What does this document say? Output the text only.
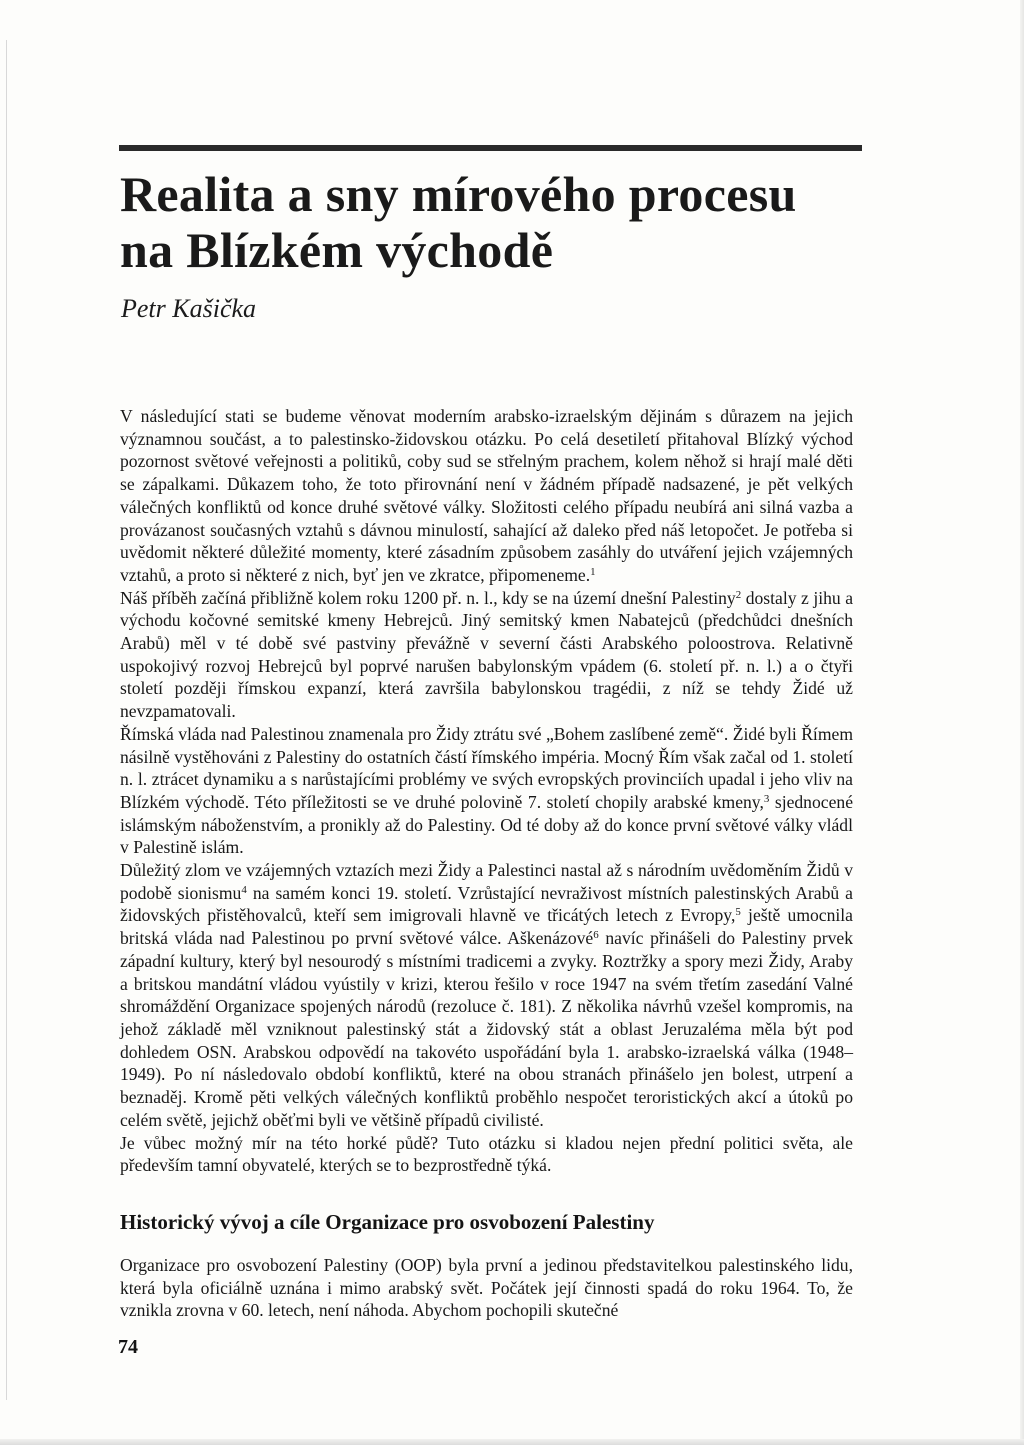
Realita a sny mírového procesu
na Blízkém východě

Petr Kašička

V následující stati se budeme věnovat moderním arabsko-izraelským dějinám s důrazem na jejich významnou součást, a to palestinsko-židovskou otázku. Po celá desetiletí přitahoval Blízký východ pozornost světové veřejnosti a politiků, coby sud se střelným prachem, kolem něhož si hrají malé děti se zápalkami. Důkazem toho, že toto přirovnání není v žádném případě nadsazené, je pět velkých válečných konfliktů od konce druhé světové války. Složitosti celého případu neubírá ani silná vazba a provázanost současných vztahů s dávnou minulostí, sahající až daleko před náš letopočet. Je potřeba si uvědomit některé důležité momenty, které zásadním způsobem zasáhly do utváření jejich vzájemných vztahů, a proto si některé z nich, byť jen ve zkratce, připomeneme.$^1$

Náš příběh začíná přibližně kolem roku 1200 př. n. l., kdy se na území dnešní Palestiny$^2$ dostaly z jihu a východu kočovné semitské kmeny Hebrejců. Jiný semitský kmen Nabatejců (předchůdci dnešních Arabů) měl v té době své pastviny převážně v severní části Arabského poloostrova. Relativně uspokojivý rozvoj Hebrejců byl poprvé narušen babylonským vpádem (6. století př. n. l.) a o čtyři století později římskou expanzí, která završila babylonskou tragédii, z níž se tehdy Židé už nevzpamatovali.

Římská vláda nad Palestinou znamenala pro Židy ztrátu své „Bohem zaslíbené země“. Židé byli Římem násilně vystěhováni z Palestiny do ostatních částí římského impéria. Mocný Řím však začal od 1. století n. l. ztrácet dynamiku a s narůstajícími problémy ve svých evropských provinciích upadal i jeho vliv na Blízkém východě. Této příležitosti se ve druhé polovině 7. století chopily arabské kmeny,$^3$ sjednocené islámským náboženstvím, a pronikly až do Palestiny. Od té doby až do konce první světové války vládl v Palestině islám.

Důležitý zlom ve vzájemných vztazích mezi Židy a Palestinci nastal až s národním uvědoměním Židů v podobě sionismu$^4$ na samém konci 19. století. Vzrůstající nevraživost místních palestinských Arabů a židovských přistěhovalců, kteří sem imigrovali hlavně ve třicátých letech z Evropy,$^5$ ještě umocnila britská vláda nad Palestinou po první světové válce. Aškenázové$^6$ navíc přinášeli do Palestiny prvek západní kultury, který byl nesourodý s místními tradicemi a zvyky. Roztržky a spory mezi Židy, Araby a britskou mandátní vládou vyústily v krizi, kterou řešilo v roce 1947 na svém třetím zasedání Valné shromáždění Organizace spojených národů (rezoluce č. 181). Z několika návrhů vzešel kompromis, na jehož základě měl vzniknout palestinský stát a židovský stát a oblast Jeruzaléma měla být pod dohledem OSN. Arabskou odpovědí na takovéto uspořádání byla 1. arabsko-izraelská válka (1948–1949). Po ní následovalo období konfliktů, které na obou stranách přinášelo jen bolest, utrpení a beznaděj. Kromě pěti velkých válečných konfliktů proběhlo nespočet teroristických akcí a útoků po celém světě, jejichž oběťmi byli ve většině případů civilisté.

Je vůbec možný mír na této horké půdě? Tuto otázku si kladou nejen přední politici světa, ale především tamní obyvatelé, kterých se to bezprostředně týká.

Historický vývoj a cíle Organizace pro osvobození Palestiny

Organizace pro osvobození Palestiny (OOP) byla první a jedinou představitelkou palestinského lidu, která byla oficiálně uznána i mimo arabský svět. Počátek její činnosti spadá do roku 1964. To, že vznikla zrovna v 60. letech, není náhoda. Abychom pochopili skutečné

74
